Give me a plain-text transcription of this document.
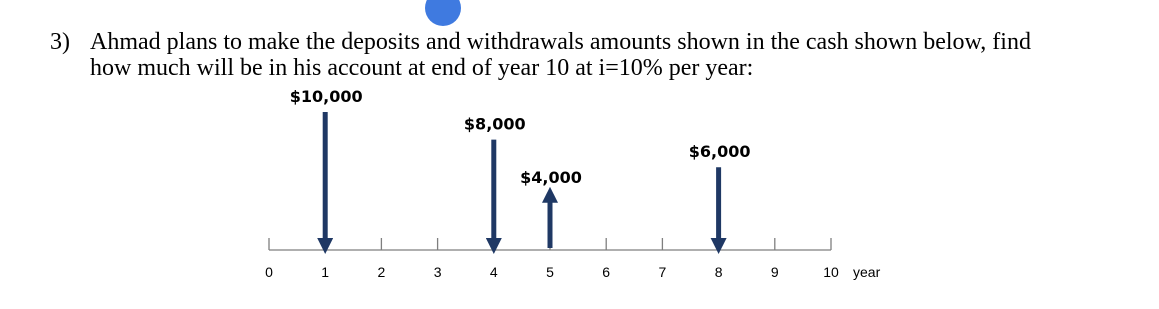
3) Ahmad plans to make the deposits and withdrawals amounts shown in the cash shown below, find
how much will be in his account at end of year 10 at i=10% per year:
0	1	2	3	4	5	6	7	8	9	10 year
$10,000
$8,000
$4,000
$6,000
